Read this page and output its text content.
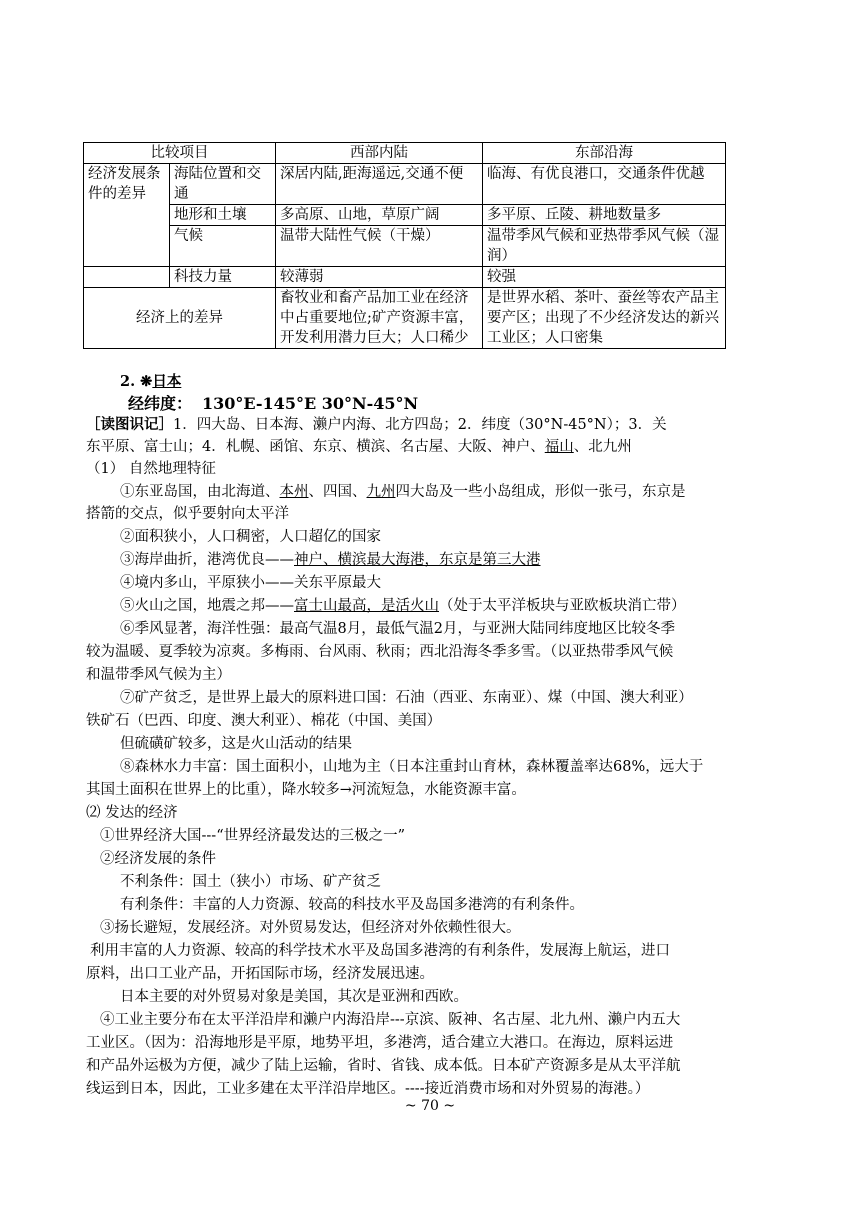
比较项目		西部内陆	东部沿海
经济发展条件的差异	海陆位置和交通	深居内陆,距海遥远,交通不便	临海、有优良港口，交通条件优越
	地形和土壤	多高原、山地，草原广阔	多平原、丘陵、耕地数量多
	气候	温带大陆性气候（干燥）	温带季风气候和亚热带季风气候（湿润）
	科技力量	较薄弱	较强
经济上的差异		畜牧业和畜产品加工业在经济中占重要地位;矿产资源丰富，开发利用潜力巨大；人口稀少	是世界水稻、茶叶、蚕丝等农产品主要产区；出现了不少经济发达的新兴工业区；人口密集
2. ❋日本
经纬度： 130°E-145°E 30°N-45°N
［读图识记］1．四大岛、日本海、濑户内海、北方四岛；2．纬度（30°N-45°N）；3．关
东平原、富士山；4．札幌、函馆、东京、横滨、名古屋、大阪、神户、福山、北九州
（1） 自然地理特征
①东亚岛国，由北海道、本州、四国、九州四大岛及一些小岛组成，形似一张弓，东京是
搭箭的交点，似乎要射向太平洋
②面积狭小，人口稠密，人口超亿的国家
③海岸曲折，港湾优良——神户、横滨最大海港，东京是第三大港
④境内多山，平原狭小——关东平原最大
⑤火山之国，地震之邦——富士山最高，是活火山（处于太平洋板块与亚欧板块消亡带）
⑥季风显著，海洋性强：最高气温8月，最低气温2月，与亚洲大陆同纬度地区比较冬季
较为温暖、夏季较为凉爽。多梅雨、台风雨、秋雨；西北沿海冬季多雪。（以亚热带季风气候
和温带季风气候为主）
⑦矿产贫乏，是世界上最大的原料进口国：石油（西亚、东南亚）、煤（中国、澳大利亚）
铁矿石（巴西、印度、澳大利亚）、棉花（中国、美国）
但硫磺矿较多，这是火山活动的结果
⑧森林水力丰富：国土面积小，山地为主（日本注重封山育林，森林覆盖率达68%，远大于
其国土面积在世界上的比重），降水较多→河流短急，水能资源丰富。
⑵ 发达的经济
①世界经济大国---“世界经济最发达的三极之一”
②经济发展的条件
不利条件：国土（狭小）市场、矿产贫乏
有利条件：丰富的人力资源、较高的科技水平及岛国多港湾的有利条件。
③扬长避短，发展经济。对外贸易发达，但经济对外依赖性很大。
利用丰富的人力资源、较高的科学技术水平及岛国多港湾的有利条件，发展海上航运，进口
原料，出口工业产品，开拓国际市场，经济发展迅速。
日本主要的对外贸易对象是美国，其次是亚洲和西欧。
④工业主要分布在太平洋沿岸和濑户内海沿岸---京滨、阪神、名古屋、北九州、濑户内五大
工业区。（因为：沿海地形是平原，地势平坦，多港湾，适合建立大港口。在海边，原料运进
和产品外运极为方便，减少了陆上运输，省时、省钱、成本低。日本矿产资源多是从太平洋航
线运到日本，因此，工业多建在太平洋沿岸地区。----接近消费市场和对外贸易的海港。）
~ 70 ~
